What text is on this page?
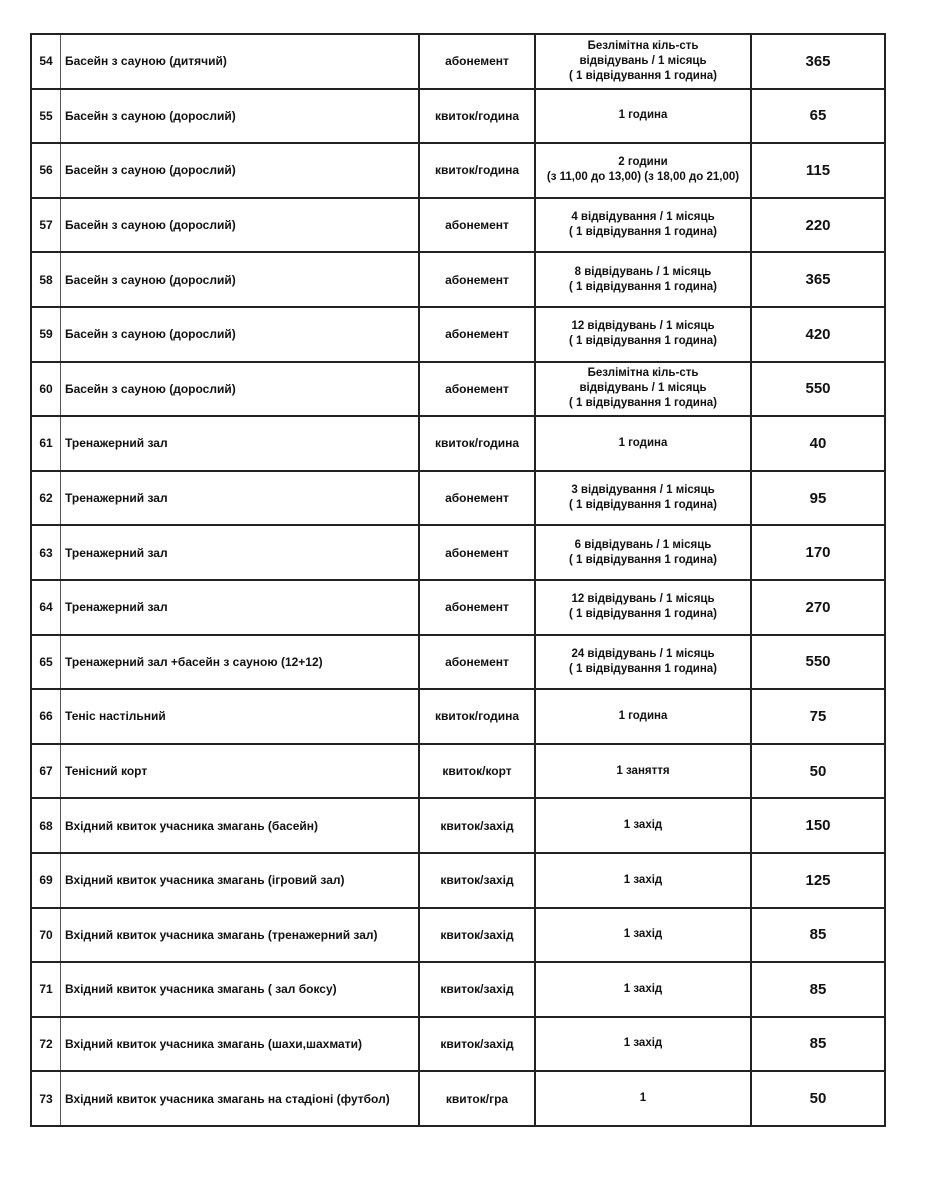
54	Басейн з сауною (дитячий)	абонемент	Безлімітна кіль-сть
відвідувань / 1 місяць
( 1 відвідування 1 година)	365
55	Басейн з сауною (дорослий)	квиток/година	1 година	65
56	Басейн з сауною (дорослий)	квиток/година	2 години
(з 11,00 до 13,00) (з 18,00 до 21,00)	115
57	Басейн з сауною (дорослий)	абонемент	4 відвідування / 1 місяць
( 1 відвідування 1 година)	220
58	Басейн з сауною (дорослий)	абонемент	8 відвідувань / 1 місяць
( 1 відвідування 1 година)	365
59	Басейн з сауною (дорослий)	абонемент	12 відвідувань / 1 місяць
( 1 відвідування 1 година)	420
60	Басейн з сауною (дорослий)	абонемент	Безлімітна кіль-сть
відвідувань / 1 місяць
( 1 відвідування 1 година)	550
61	Тренажерний зал	квиток/година	1 година	40
62	Тренажерний зал	абонемент	3 відвідування / 1 місяць
( 1 відвідування 1 година)	95
63	Тренажерний зал	абонемент	6 відвідувань / 1 місяць
( 1 відвідування 1 година)	170
64	Тренажерний зал	абонемент	12 відвідувань / 1 місяць
( 1 відвідування 1 година)	270
65	Тренажерний зал +басейн з сауною (12+12)	абонемент	24 відвідувань / 1 місяць
( 1 відвідування 1 година)	550
66	Теніс настільний	квиток/година	1 година	75
67	Тенісний корт	квиток/корт	1 заняття	50
68	Вхідний квиток учасника змагань (басейн)	квиток/захід	1 захід	150
69	Вхідний квиток учасника змагань (ігровий зал)	квиток/захід	1 захід	125
70	Вхідний квиток учасника змагань (тренажерний зал)	квиток/захід	1 захід	85
71	Вхідний квиток учасника змагань ( зал боксу)	квиток/захід	1 захід	85
72	Вхідний квиток учасника змагань (шахи,шахмати)	квиток/захід	1 захід	85
73	Вхідний квиток учасника змагань на стадіоні (футбол)	квиток/гра	1	50
